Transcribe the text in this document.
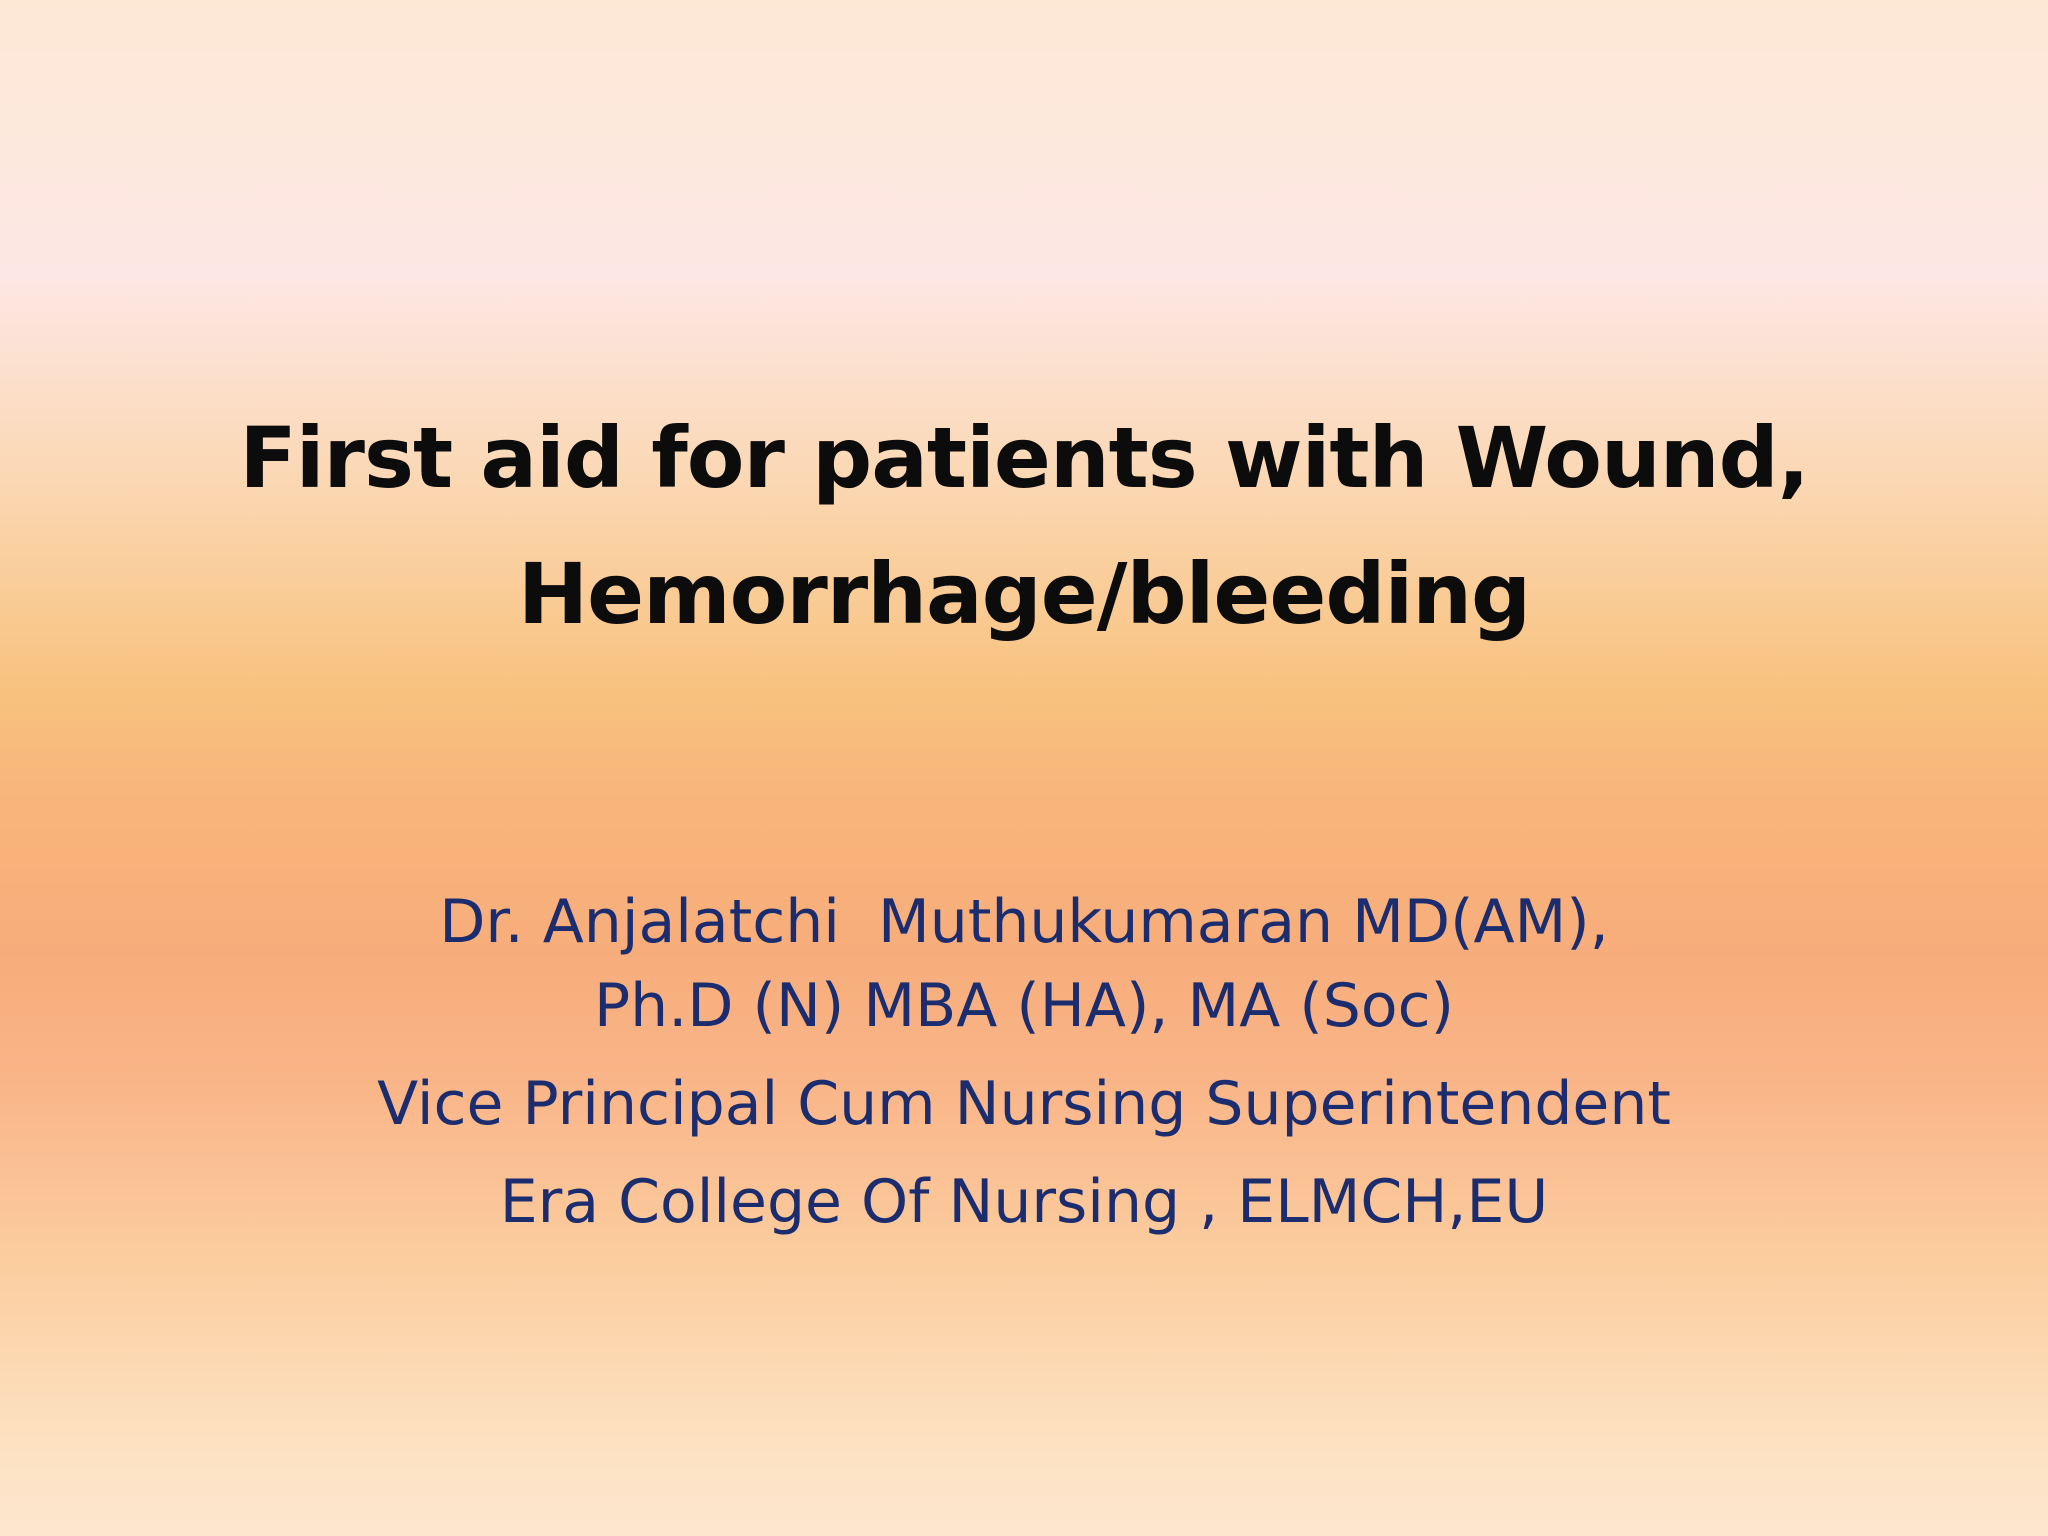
First aid for patients with Wound,
Hemorrhage/bleeding
Dr. Anjalatchi  Muthukumaran MD(AM),
Ph.D (N) MBA (HA), MA (Soc)
Vice Principal Cum Nursing Superintendent
Era College Of Nursing , ELMCH,EU
